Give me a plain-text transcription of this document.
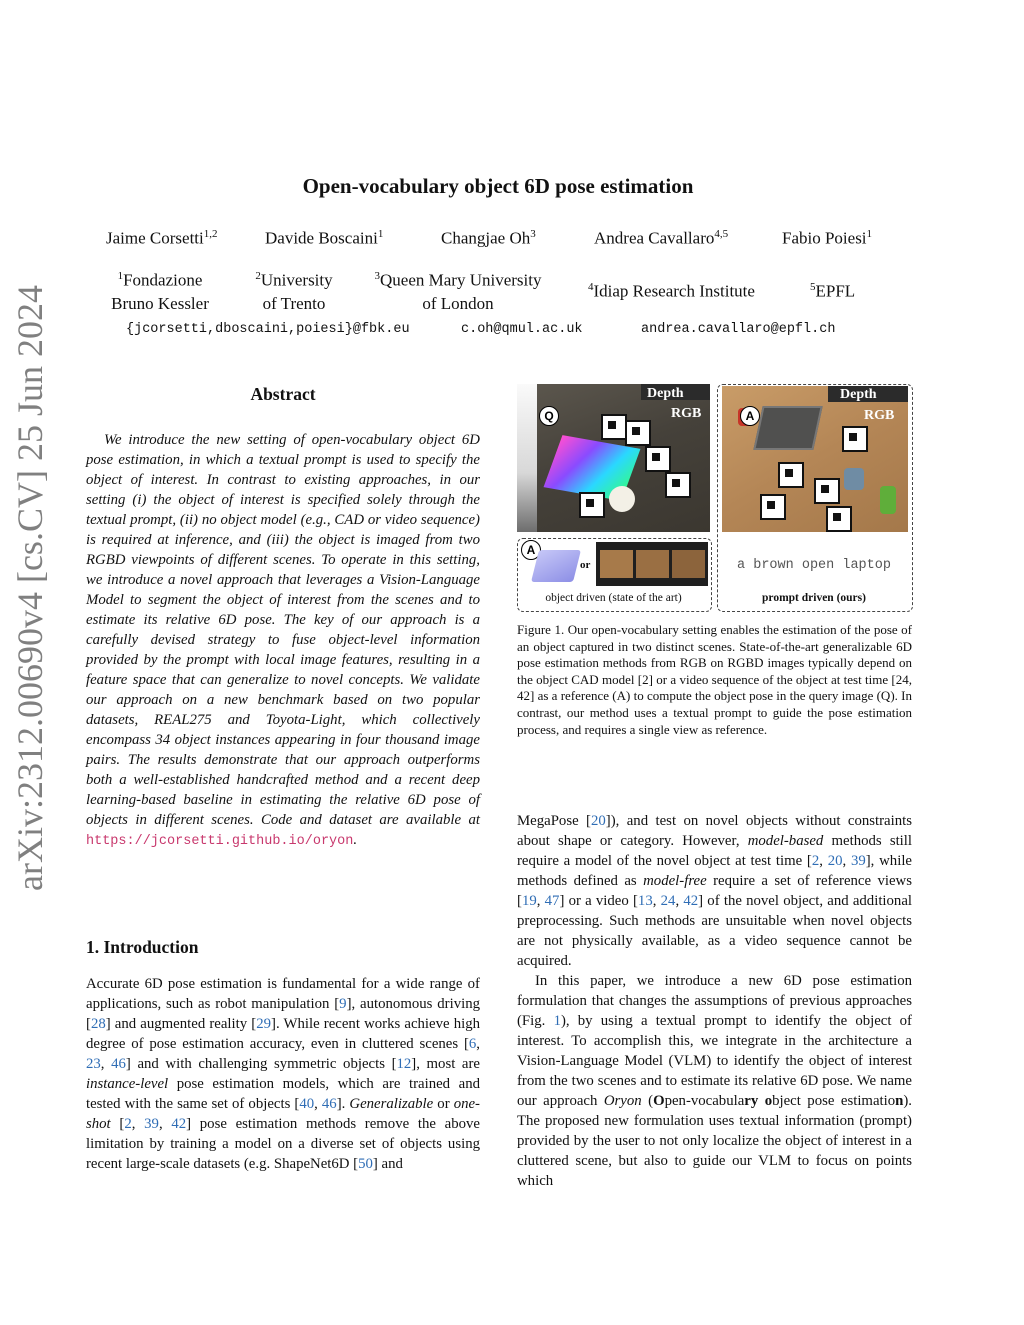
arXiv:2312.00690v4 [cs.CV] 25 Jun 2024
Open-vocabulary object 6D pose estimation
Jaime Corsetti$^{1,2}$	Davide Boscaini$^1$	Changjae Oh$^3$	Andrea Cavallaro$^{4,5}$	Fabio Poiesi$^1$
$^1$Fondazione
Bruno Kessler
$^2$University
of Trento
$^3$Queen Mary University
of London
$^4$Idiap Research Institute	$^5$EPFL
{jcorsetti,dboscaini,poiesi}@fbk.eu	c.oh@qmul.ac.uk	andrea.cavallaro@epfl.ch
Abstract

We introduce the new setting of open-vocabulary object 6D pose estimation, in which a textual prompt is used to specify the object of interest. In contrast to existing approaches, in our setting (i) the object of interest is specified solely through the textual prompt, (ii) no object model (e.g., CAD or video sequence) is required at inference, and (iii) the object is imaged from two RGBD viewpoints of different scenes. To operate in this setting, we introduce a novel approach that leverages a Vision-Language Model to segment the object of interest from the scenes and to estimate its relative 6D pose. The key of our approach is a carefully devised strategy to fuse object-level information provided by the prompt with local image features, resulting in a feature space that can generalize to novel concepts. We validate our approach on a new benchmark based on two popular datasets, REAL275 and Toyota-Light, which collectively encompass 34 object instances appearing in four thousand image pairs. The results demonstrate that our approach outperforms both a well-established handcrafted method and a recent deep learning-based baseline in estimating the relative 6D pose of objects in different scenes. Code and dataset are available at https://jcorsetti.github.io/oryon.

Depth
RGB
Q
Depth
RGB
A
A
or
object driven (state of the art)
a brown open laptop
prompt driven (ours)

Figure 1. Our open-vocabulary setting enables the estimation of the pose of an object captured in two distinct scenes. State-of-the-art generalizable 6D pose estimation methods from RGB on RGBD images typically depend on the object CAD model [2] or a video sequence of the object at test time [24, 42] as a reference (A) to compute the object pose in the query image (Q). In contrast, our method uses a textual prompt to guide the pose estimation process, and requires a single view as reference.

1. Introduction

Accurate 6D pose estimation is fundamental for a wide range of applications, such as robot manipulation [9], autonomous driving [28] and augmented reality [29]. While recent works achieve high degree of pose estimation accuracy, even in cluttered scenes [6, 23, 46] and with challenging symmetric objects [12], most are instance-level pose estimation models, which are trained and tested with the same set of objects [40, 46]. Generalizable or one-shot [2, 39, 42] pose estimation methods remove the above limitation by training a model on a diverse set of objects using recent large-scale datasets (e.g. ShapeNet6D [50] and

MegaPose [20]), and test on novel objects without constraints about shape or category. However, model-based methods still require a model of the novel object at test time [2, 20, 39], while methods defined as model-free require a set of reference views [19, 47] or a video [13, 24, 42] of the novel object, and additional preprocessing. Such methods are unsuitable when novel objects are not physically available, as a video sequence cannot be acquired.

In this paper, we introduce a new 6D pose estimation formulation that changes the assumptions of previous approaches (Fig. 1), by using a textual prompt to identify the object of interest. To accomplish this, we integrate in the architecture a Vision-Language Model (VLM) to identify the object of interest from the two scenes and to estimate its relative 6D pose. We name our approach Oryon (Open-vocabulary object pose estimation). The proposed new formulation uses textual information (prompt) provided by the user to not only localize the object of interest in a cluttered scene, but also to guide our VLM to focus on points which
